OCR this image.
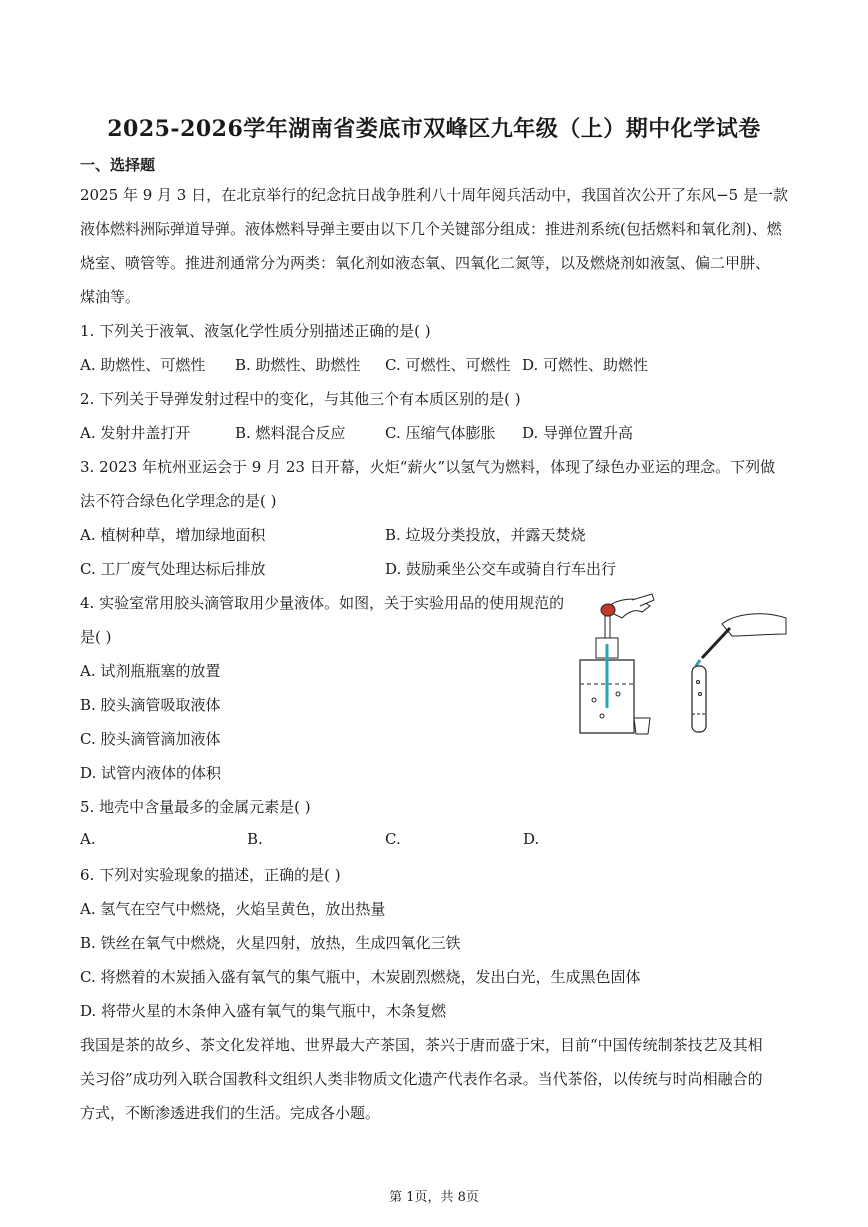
2025-2026学年湖南省娄底市双峰区九年级（上）期中化学试卷
一、选择题
2025 年 9 月 3 日，在北京举行的纪念抗日战争胜利八十周年阅兵活动中，我国首次公开了东风−5 是一款
液体燃料洲际弹道导弹。液体燃料导弹主要由以下几个关键部分组成：推进剂系统(包括燃料和氧化剂)、燃
烧室、喷管等。推进剂通常分为两类：氧化剂如液态氧、四氧化二氮等，以及燃烧剂如液氢、偏二甲肼、
煤油等。
1. 下列关于液氧、液氢化学性质分别描述正确的是( )
A. 助燃性、可燃性 B. 助燃性、助燃性 C. 可燃性、可燃性 D. 可燃性、助燃性
2. 下列关于导弹发射过程中的变化，与其他三个有本质区别的是( )
A. 发射井盖打开	B. 燃料混合反应	C. 压缩气体膨胀 D. 导弹位置升高
3. 2023 年杭州亚运会于 9 月 23 日开幕，火炬“薪火”以氢气为燃料，体现了绿色办亚运的理念。下列做
法不符合绿色化学理念的是( )
A. 植树种草，增加绿地面积	B. 垃圾分类投放，并露天焚烧
C. 工厂废气处理达标后排放	D. 鼓励乘坐公交车或骑自行车出行
4. 实验室常用胶头滴管取用少量液体。如图，关于实验用品的使用规范的
是( )
A. 试剂瓶瓶塞的放置
B. 胶头滴管吸取液体
C. 胶头滴管滴加液体
D. 试管内液体的体积
5. 地壳中含量最多的金属元素是( )
A.	B.	C.	D.
6. 下列对实验现象的描述，正确的是( )
A. 氢气在空气中燃烧，火焰呈黄色，放出热量
B. 铁丝在氧气中燃烧，火星四射，放热，生成四氧化三铁
C. 将燃着的木炭插入盛有氧气的集气瓶中，木炭剧烈燃烧，发出白光，生成黑色固体
D. 将带火星的木条伸入盛有氧气的集气瓶中，木条复燃
我国是茶的故乡、茶文化发祥地、世界最大产茶国，茶兴于唐而盛于宋，目前“中国传统制茶技艺及其相
关习俗”成功列入联合国教科文组织人类非物质文化遗产代表作名录。当代茶俗，以传统与时尚相融合的
方式，不断渗透进我们的生活。完成各小题。
第 1页，共 8页
